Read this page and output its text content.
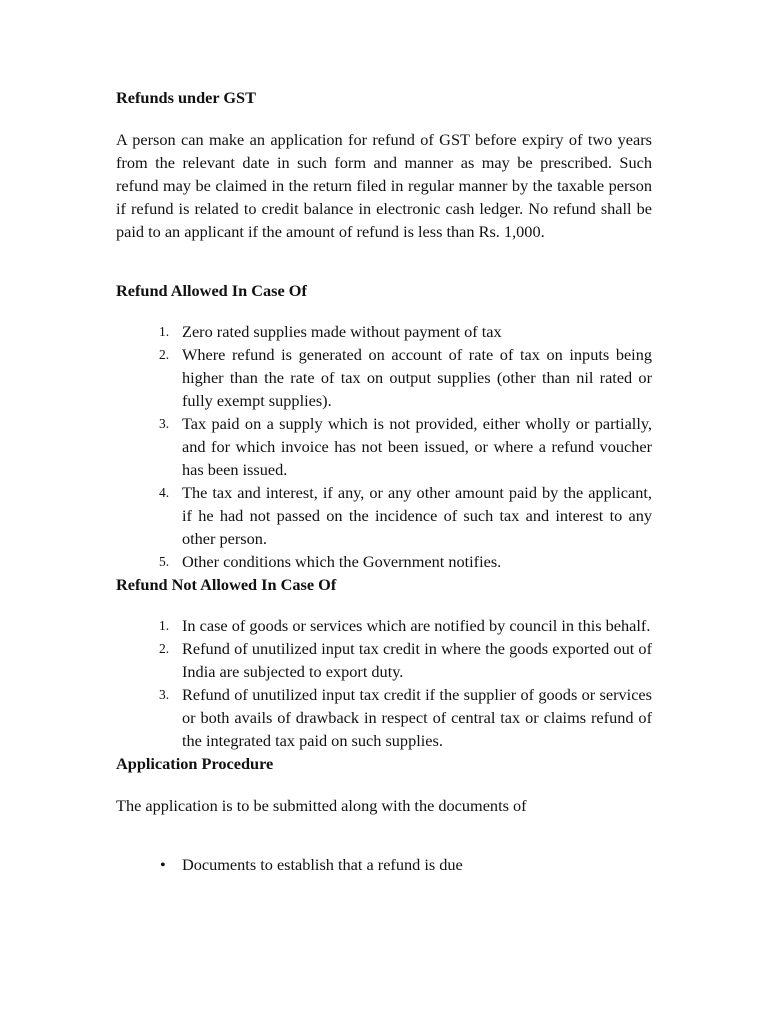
Refunds under GST

A person can make an application for refund of GST before expiry of two years from the relevant date in such form and manner as may be prescribed. Such refund may be claimed in the return filed in regular manner by the taxable person if refund is related to credit balance in electronic cash ledger. No refund shall be paid to an applicant if the amount of refund is less than Rs. 1,000.

Refund Allowed In Case Of
1. Zero rated supplies made without payment of tax
2. Where refund is generated on account of rate of tax on inputs being higher than the rate of tax on output supplies (other than nil rated or fully exempt supplies).
3. Tax paid on a supply which is not provided, either wholly or partially, and for which invoice has not been issued, or where a refund voucher has been issued.
4. The tax and interest, if any, or any other amount paid by the applicant, if he had not passed on the incidence of such tax and interest to any other person.
5. Other conditions which the Government notifies.
Refund Not Allowed In Case Of
1. In case of goods or services which are notified by council in this behalf.
2. Refund of unutilized input tax credit in where the goods exported out of India are subjected to export duty.
3. Refund of unutilized input tax credit if the supplier of goods or services or both avails of drawback in respect of central tax or claims refund of the integrated tax paid on such supplies.
Application Procedure

The application is to be submitted along with the documents of

• Documents to establish that a refund is due
